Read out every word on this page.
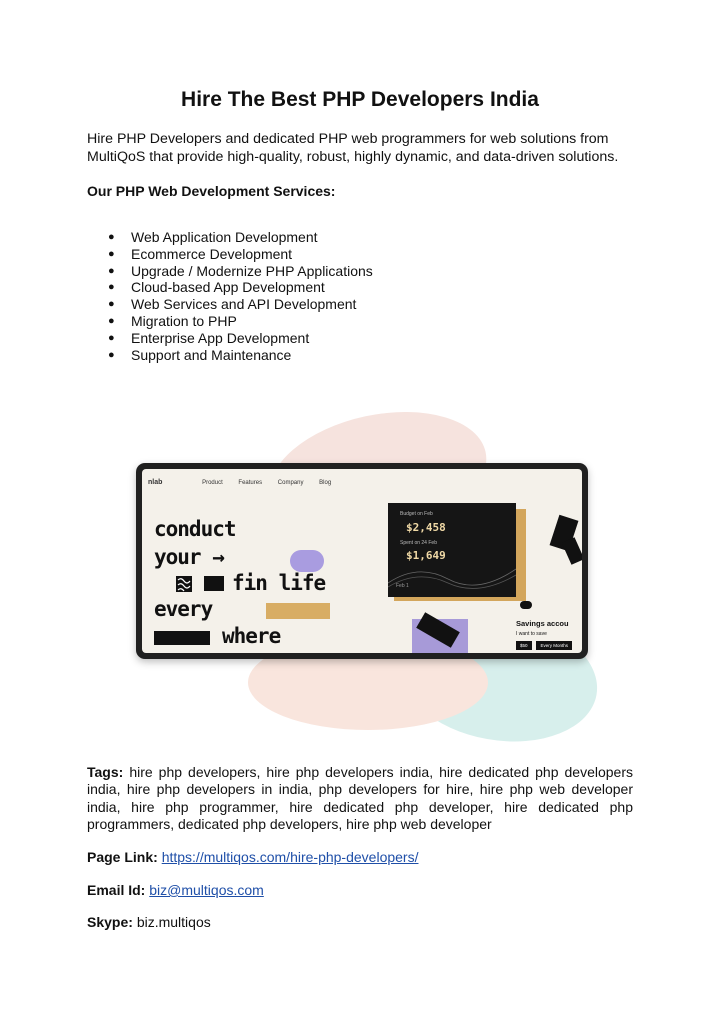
Hire The Best PHP Developers India

Hire PHP Developers and dedicated PHP web programmers for web solutions from MultiQoS that provide high-quality, robust, highly dynamic, and data-driven solutions.

Our PHP Web Development Services:

● Web Application Development
● Ecommerce Development
● Upgrade / Modernize PHP Applications
● Cloud-based App Development
● Web Services and API Development
● Migration to PHP
● Enterprise App Development
● Support and Maintenance
nlab	Product	Features	Company	Blog
conduct
your →
fin life
every
where
Budget on Feb
$2,458
Spent on 24 Feb
$1,649
Feb 1
Savings accou
I want to save
$50	Every Months

Tags: hire php developers, hire php developers india, hire dedicated php developers india, hire php developers in india, php developers for hire, hire php web developer india, hire php programmer, hire dedicated php developer, hire dedicated php programmers, dedicated php developers, hire php web developer

Page Link: https://multiqos.com/hire-php-developers/

Email Id: biz@multiqos.com

Skype: biz.multiqos
